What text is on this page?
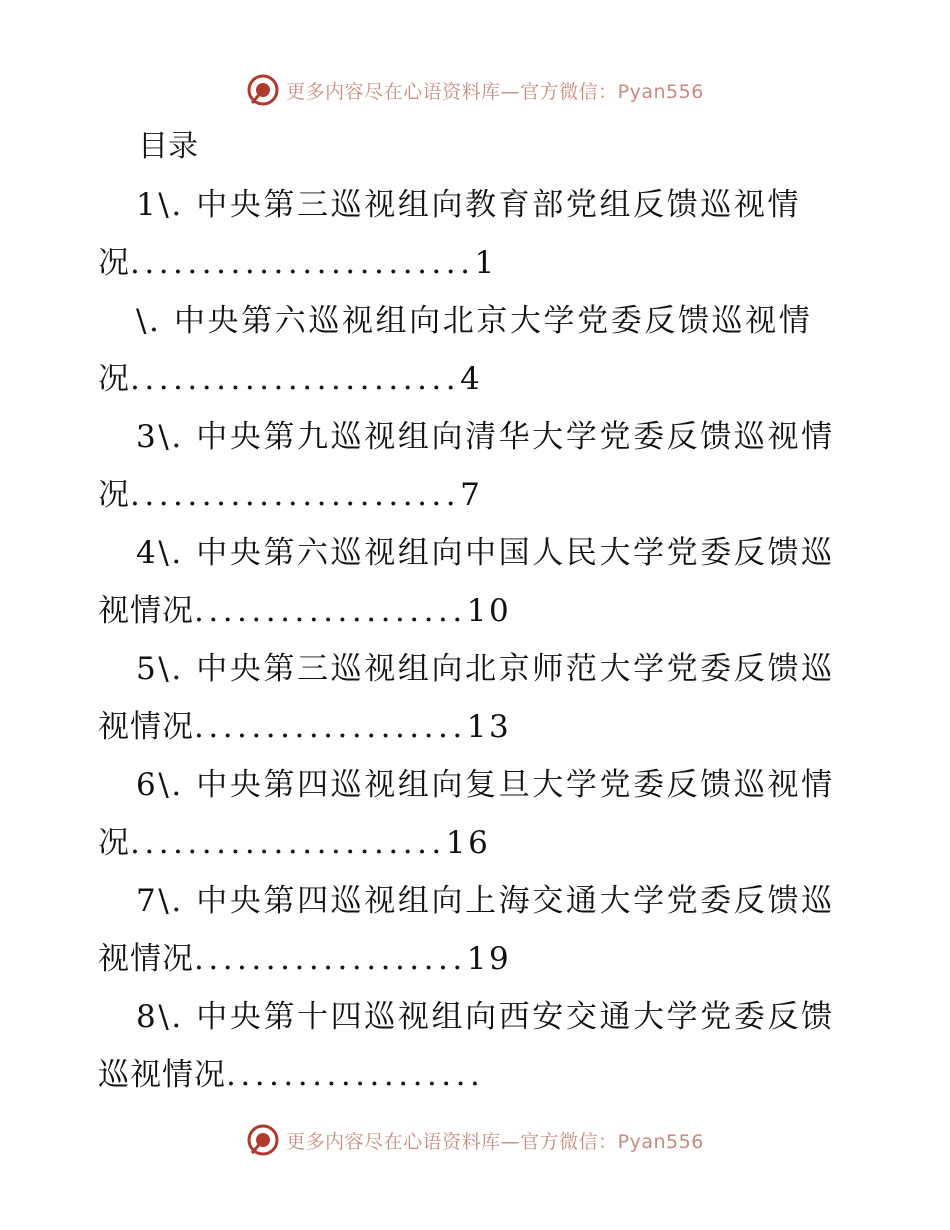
更多内容尽在心语资料库—官方微信：Pyan556

目录

1\. 中央第三巡视组向教育部党组反馈巡视情况........................1

\. 中央第六巡视组向北京大学党委反馈巡视情况.......................4

3\. 中央第九巡视组向清华大学党委反馈巡视情况.......................7

4\. 中央第六巡视组向中国人民大学党委反馈巡视情况...................10

5\. 中央第三巡视组向北京师范大学党委反馈巡视情况...................13

6\. 中央第四巡视组向复旦大学党委反馈巡视情况......................16

7\. 中央第四巡视组向上海交通大学党委反馈巡视情况...................19

8\. 中央第十四巡视组向西安交通大学党委反馈巡视情况..................

更多内容尽在心语资料库—官方微信：Pyan556
